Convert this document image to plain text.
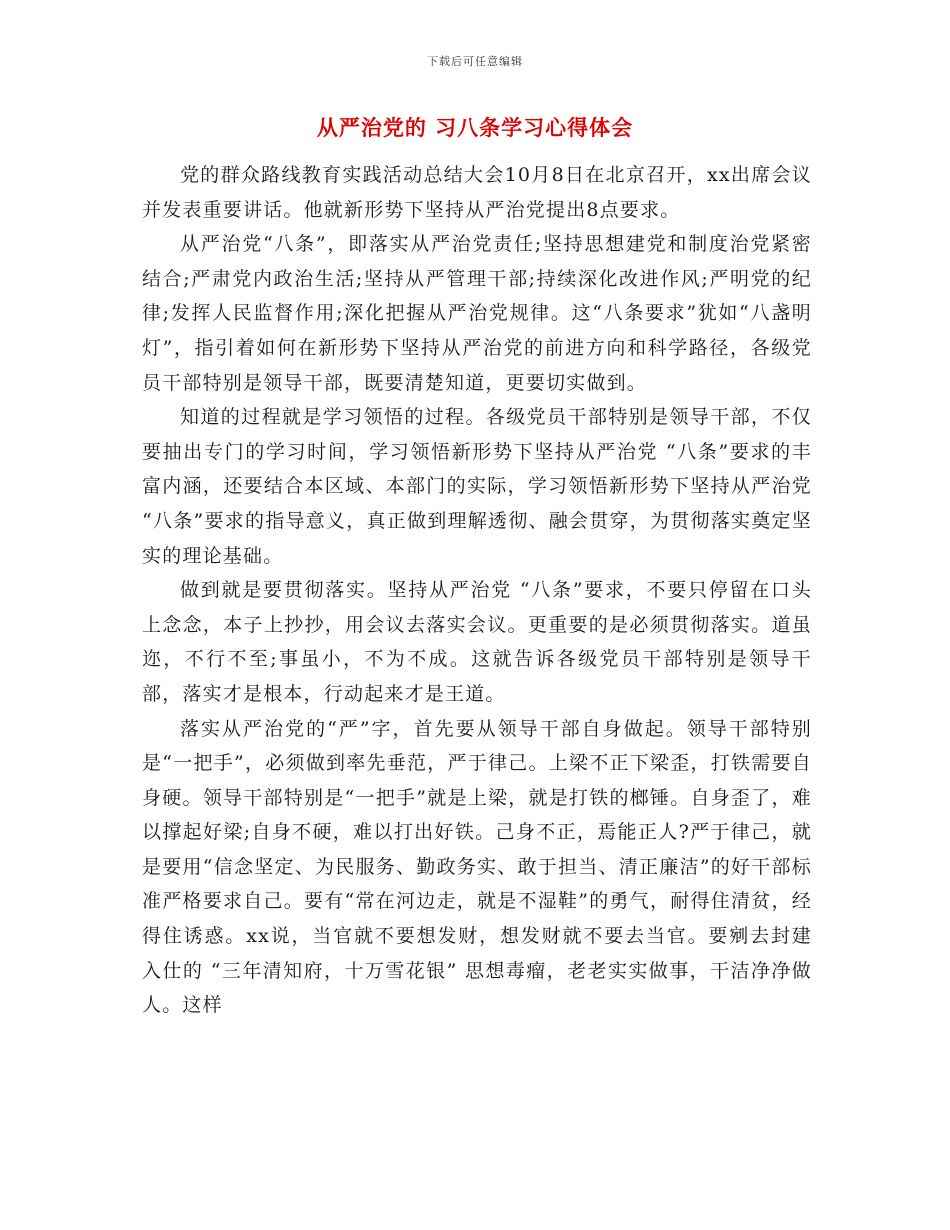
下载后可任意编辑
从严治党的 习八条学习心得体会

党的群众路线教育实践活动总结大会10月8日在北京召开，xx出席会议并发表重要讲话。他就新形势下坚持从严治党提出8点要求。

从严治党“八条”，即落实从严治党责任;坚持思想建党和制度治党紧密结合;严肃党内政治生活;坚持从严管理干部;持续深化改进作风;严明党的纪律;发挥人民监督作用;深化把握从严治党规律。这“八条要求”犹如“八盏明灯”，指引着如何在新形势下坚持从严治党的前进方向和科学路径，各级党员干部特别是领导干部，既要清楚知道，更要切实做到。

知道的过程就是学习领悟的过程。各级党员干部特别是领导干部，不仅要抽出专门的学习时间，学习领悟新形势下坚持从严治党 “八条”要求的丰富内涵，还要结合本区域、本部门的实际，学习领悟新形势下坚持从严治党 “八条”要求的指导意义，真正做到理解透彻、融会贯穿，为贯彻落实奠定坚实的理论基础。

做到就是要贯彻落实。坚持从严治党 “八条”要求，不要只停留在口头上念念，本子上抄抄，用会议去落实会议。更重要的是必须贯彻落实。道虽迩，不行不至;事虽小，不为不成。这就告诉各级党员干部特别是领导干部，落实才是根本，行动起来才是王道。

落实从严治党的“严”字，首先要从领导干部自身做起。领导干部特别是“一把手”，必须做到率先垂范，严于律己。上梁不正下梁歪，打铁需要自身硬。领导干部特别是“一把手”就是上梁，就是打铁的榔锤。自身歪了，难以撑起好梁;自身不硬，难以打出好铁。己身不正，焉能正人?严于律己，就是要用“信念坚定、为民服务、勤政务实、敢于担当、清正廉洁”的好干部标准严格要求自己。要有“常在河边走，就是不湿鞋”的勇气，耐得住清贫，经得住诱惑。xx说，当官就不要想发财，想发财就不要去当官。要剜去封建入仕的 “三年清知府，十万雪花银” 思想毒瘤，老老实实做事，干洁净净做人。这样
